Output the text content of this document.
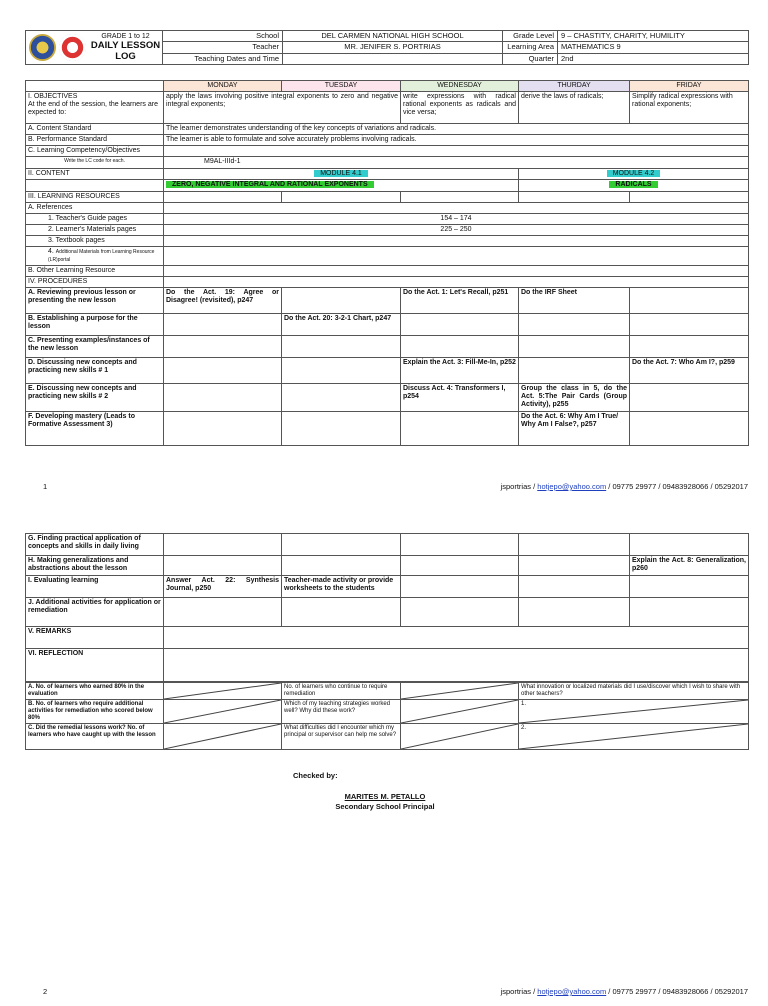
GRADE 1 to 12
DAILY LESSON
LOG	School	DEL CARMEN NATIONAL HIGH SCHOOL	Grade Level	9 – CHASTITY, CHARITY, HUMILITY
	Teacher	MR. JENIFER S. PORTRIAS	Learning Area	MATHEMATICS 9
	Teaching Dates and Time		Quarter	2nd
	MONDAY	TUESDAY	WEDNESDAY	THURDAY	FRIDAY

I. OBJECTIVES
At the end of the session, the learners are expected to:	apply the laws involving positive integral exponents to zero and negative integral exponents;		write expressions with radical rational exponents as radicals and vice versa;	derive the laws of radicals;	Simplify radical expressions with rational exponents;
A. Content Standard	The learner demonstrates understanding of the key concepts of variations and radicals.				
B. Performance Standard	The learner is able to formulate and solve accurately problems involving radicals.				
C. Learning Competency/Objectives					
Write the LC code for each.	M9AL-IIId-1				
II. CONTENT	MODULE 4.1			MODULE 4.2	
	ZERO, NEGATIVE INTEGRAL AND RATIONAL EXPONENTS			RADICALS	
III. LEARNING RESOURCES					
A. References					
1. Teacher's Guide pages	154 – 174				
2. Learner's Materials pages	225 – 250				
3. Textbook pages					
4. Additional Materials from Learning Resource (LR)portal					
B. Other Learning Resource					
IV. PROCEDURES					
A. Reviewing previous lesson or presenting the new lesson	Do the Act. 19: Agree or Disagree! (revisited), p247		Do the Act. 1: Let's Recall, p251	Do the IRF Sheet	
B. Establishing a purpose for the lesson		Do the Act. 20: 3-2-1 Chart, p247			
C. Presenting examples/instances of the new lesson					
D. Discussing new concepts and practicing new skills # 1			Explain the Act. 3: Fill-Me-In, p252		Do the Act. 7: Who Am I?, p259
E. Discussing new concepts and practicing new skills # 2			Discuss Act. 4: Transformers I, p254	Group the class in 5, do the Act. 5:The Pair Cards (Group Activity), p255	
F. Developing mastery (Leads to Formative Assessment 3)				Do the Act. 6: Why Am I True/ Why Am I False?, p257	
1	jsportrias / hotjepo@yahoo.com / 09775 29977 / 09483928066 / 05292017
G. Finding practical application of concepts and skills in daily living					
H. Making generalizations and abstractions about the lesson					Explain the Act. 8: Generalization, p260
I. Evaluating learning	Answer Act. 22: Synthesis Journal, p250	Teacher-made activity or provide worksheets to the students			
J. Additional activities for application or remediation					
V. REMARKS					
VI. REFLECTION					
A. No. of learners who earned 80% in the evaluation		No. of learners who continue to require remediation		What innovation or localized materials did I use/discover which I wish to share with other teachers?
B. No. of learners who require additional activities for remediation who scored below 80%		Which of my teaching strategies worked well? Why did these work?		1.

C. Did the remedial lessons work? No. of learners who have caught up with the lesson		What difficulties did I encounter which my principal or supervisor can help me solve?		2.
Checked by:
MARITES M. PETALLO
Secondary School Principal
2	jsportrias / hotjepo@yahoo.com / 09775 29977 / 09483928066 / 05292017
